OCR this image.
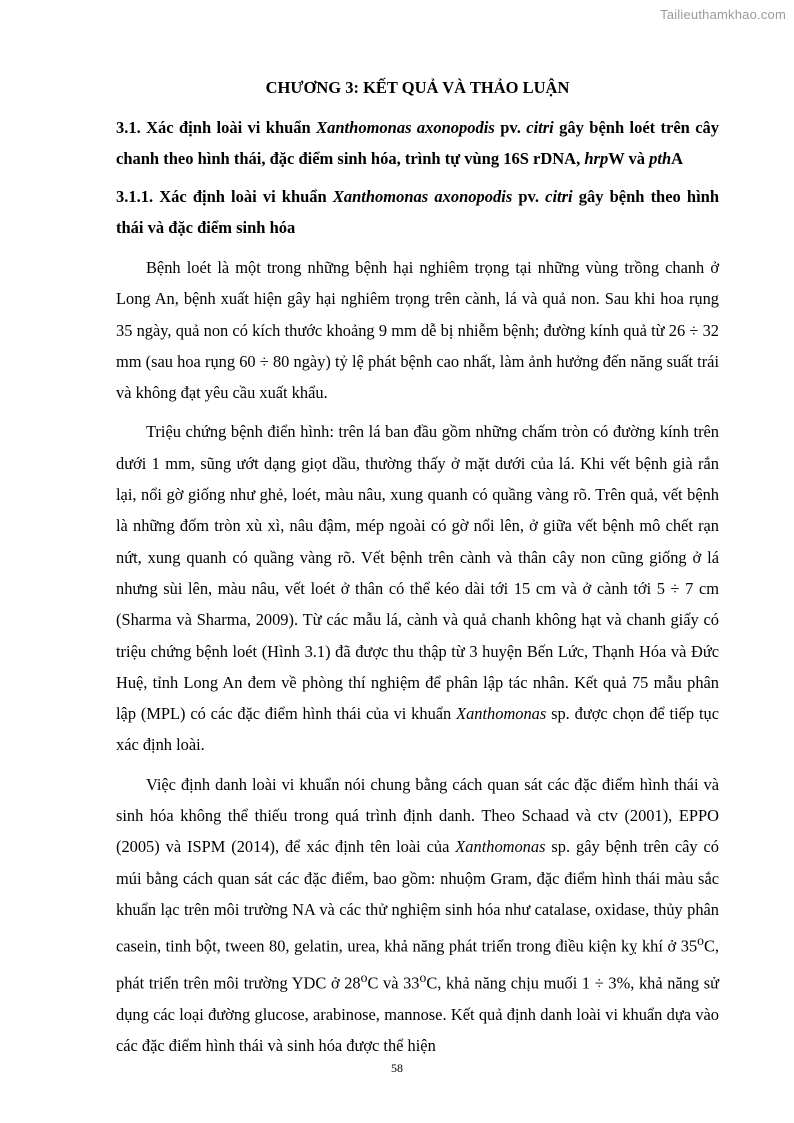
Tailieuthamkhao.com
CHƯƠNG 3: KẾT QUẢ VÀ THẢO LUẬN

3.1. Xác định loài vi khuẩn Xanthomonas axonopodis pv. citri gây bệnh loét trên cây chanh theo hình thái, đặc điểm sinh hóa, trình tự vùng 16S rDNA, hrpW và pthA

3.1.1. Xác định loài vi khuẩn Xanthomonas axonopodis pv. citri gây bệnh theo hình thái và đặc điểm sinh hóa

Bệnh loét là một trong những bệnh hại nghiêm trọng tại những vùng trồng chanh ở Long An, bệnh xuất hiện gây hại nghiêm trọng trên cành, lá và quả non. Sau khi hoa rụng 35 ngày, quả non có kích thước khoảng 9 mm dễ bị nhiễm bệnh; đường kính quả từ 26 ÷ 32 mm (sau hoa rụng 60 ÷ 80 ngày) tỷ lệ phát bệnh cao nhất, làm ảnh hưởng đến năng suất trái và không đạt yêu cầu xuất khẩu.

Triệu chứng bệnh điển hình: trên lá ban đầu gồm những chấm tròn có đường kính trên dưới 1 mm, sũng ướt dạng giọt dầu, thường thấy ở mặt dưới của lá. Khi vết bệnh già rắn lại, nổi gờ giống như ghẻ, loét, màu nâu, xung quanh có quầng vàng rõ. Trên quả, vết bệnh là những đốm tròn xù xì, nâu đậm, mép ngoài có gờ nổi lên, ở giữa vết bệnh mô chết rạn nứt, xung quanh có quầng vàng rõ. Vết bệnh trên cành và thân cây non cũng giống ở lá nhưng sùi lên, màu nâu, vết loét ở thân có thể kéo dài tới 15 cm và ở cành tới 5 ÷ 7 cm (Sharma và Sharma, 2009). Từ các mẫu lá, cành và quả chanh không hạt và chanh giấy có triệu chứng bệnh loét (Hình 3.1) đã được thu thập từ 3 huyện Bến Lức, Thạnh Hóa và Đức Huệ, tỉnh Long An đem về phòng thí nghiệm để phân lập tác nhân. Kết quả 75 mẫu phân lập (MPL) có các đặc điểm hình thái của vi khuẩn Xanthomonas sp. được chọn để tiếp tục xác định loài.

Việc định danh loài vi khuẩn nói chung bằng cách quan sát các đặc điểm hình thái và sinh hóa không thể thiếu trong quá trình định danh. Theo Schaad và ctv (2001), EPPO (2005) và ISPM (2014), để xác định tên loài của Xanthomonas sp. gây bệnh trên cây có múi bằng cách quan sát các đặc điểm, bao gồm: nhuộm Gram, đặc điểm hình thái màu sắc khuẩn lạc trên môi trường NA và các thử nghiệm sinh hóa như catalase, oxidase, thủy phân casein, tinh bột, tween 80, gelatin, urea, khả năng phát triển trong điều kiện kỵ khí ở 35$^o$C, phát triển trên môi trường YDC ở 28$^o$C và 33$^o$C, khả năng chịu muối 1 ÷ 3%, khả năng sử dụng các loại đường glucose, arabinose, mannose. Kết quả định danh loài vi khuẩn dựa vào các đặc điểm hình thái và sinh hóa được thể hiện

58
